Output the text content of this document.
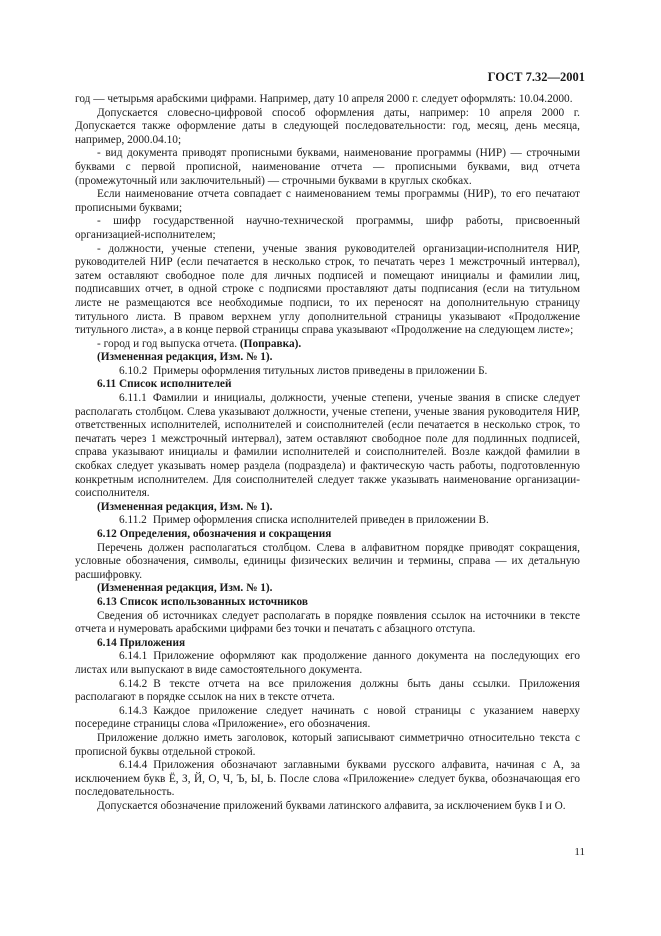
ГОСТ 7.32—2001

год — четырьмя арабскими цифрами. Например, дату 10 апреля 2000 г. следует оформлять: 10.04.2000.

Допускается словесно-цифровой способ оформления даты, например: 10 апреля 2000 г. Допускается также оформление даты в следующей последовательности: год, месяц, день месяца, например, 2000.04.10;

- вид документа приводят прописными буквами, наименование программы (НИР) — строчными буквами с первой прописной, наименование отчета — прописными буквами, вид отчета (промежуточный или заключительный) — строчными буквами в круглых скобках.

Если наименование отчета совпадает с наименованием темы программы (НИР), то его печатают прописными буквами;

- шифр государственной научно-технической программы, шифр работы, присвоенный организацией-исполнителем;

- должности, ученые степени, ученые звания руководителей организации-исполнителя НИР, руководителей НИР (если печатается в несколько строк, то печатать через 1 межстрочный интервал), затем оставляют свободное поле для личных подписей и помещают инициалы и фамилии лиц, подписавших отчет, в одной строке с подписями проставляют даты подписания (если на титульном листе не размещаются все необходимые подписи, то их переносят на дополнительную страницу титульного листа. В правом верхнем углу дополнительной страницы указывают «Продолжение титульного листа», а в конце первой страницы справа указывают «Продолжение на следующем листе»;

- город и год выпуска отчета. (Поправка).

(Измененная редакция, Изм. № 1).

6.10.2 Примеры оформления титульных листов приведены в приложении Б.

6.11 Список исполнителей

6.11.1 Фамилии и инициалы, должности, ученые степени, ученые звания в списке следует располагать столбцом. Слева указывают должности, ученые степени, ученые звания руководителя НИР, ответственных исполнителей, исполнителей и соисполнителей (если печатается в несколько строк, то печатать через 1 межстрочный интервал), затем оставляют свободное поле для подлинных подписей, справа указывают инициалы и фамилии исполнителей и соисполнителей. Возле каждой фамилии в скобках следует указывать номер раздела (подраздела) и фактическую часть работы, подготовленную конкретным исполнителем. Для соисполнителей следует также указывать наименование организации-соисполнителя.

(Измененная редакция, Изм. № 1).

6.11.2 Пример оформления списка исполнителей приведен в приложении В.

6.12 Определения, обозначения и сокращения

Перечень должен располагаться столбцом. Слева в алфавитном порядке приводят сокращения, условные обозначения, символы, единицы физических величин и термины, справа — их детальную расшифровку.

(Измененная редакция, Изм. № 1).

6.13 Список использованных источников

Сведения об источниках следует располагать в порядке появления ссылок на источники в тексте отчета и нумеровать арабскими цифрами без точки и печатать с абзацного отступа.

6.14 Приложения

6.14.1 Приложение оформляют как продолжение данного документа на последующих его листах или выпускают в виде самостоятельного документа.

6.14.2 В тексте отчета на все приложения должны быть даны ссылки. Приложения располагают в порядке ссылок на них в тексте отчета.

6.14.3 Каждое приложение следует начинать с новой страницы с указанием наверху посередине страницы слова «Приложение», его обозначения.

Приложение должно иметь заголовок, который записывают симметрично относительно текста с прописной буквы отдельной строкой.

6.14.4 Приложения обозначают заглавными буквами русского алфавита, начиная с А, за исключением букв Ё, З, Й, О, Ч, Ъ, Ы, Ь. После слова «Приложение» следует буква, обозначающая его последовательность.

Допускается обозначение приложений буквами латинского алфавита, за исключением букв I и O.

11
